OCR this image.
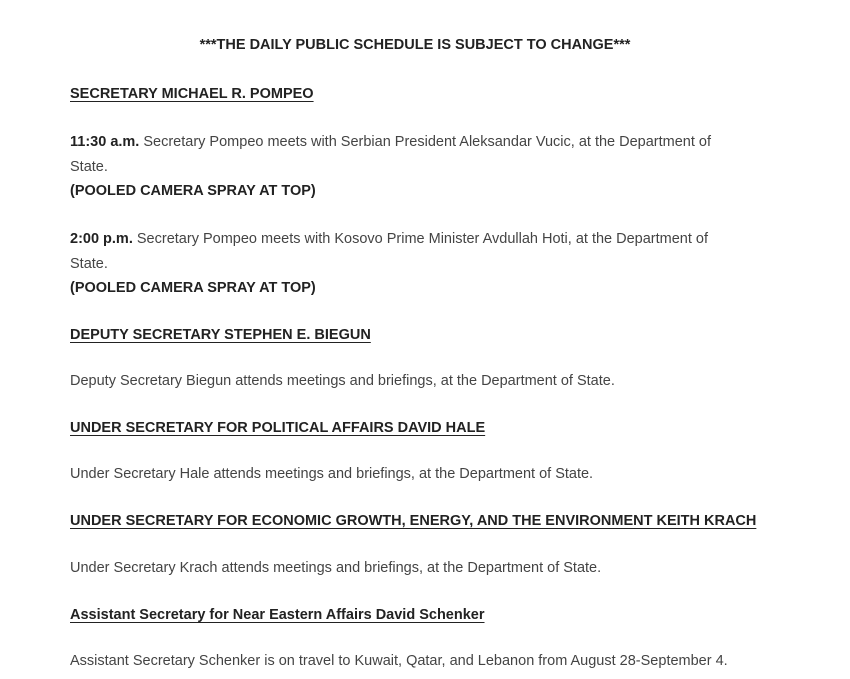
***THE DAILY PUBLIC SCHEDULE IS SUBJECT TO CHANGE***
SECRETARY MICHAEL R. POMPEO
11:30 a.m. Secretary Pompeo meets with Serbian President Aleksandar Vucic, at the Department of State.
(POOLED CAMERA SPRAY AT TOP)
2:00 p.m. Secretary Pompeo meets with Kosovo Prime Minister Avdullah Hoti, at the Department of State.
(POOLED CAMERA SPRAY AT TOP)
DEPUTY SECRETARY STEPHEN E. BIEGUN
Deputy Secretary Biegun attends meetings and briefings, at the Department of State.
UNDER SECRETARY FOR POLITICAL AFFAIRS DAVID HALE
Under Secretary Hale attends meetings and briefings, at the Department of State.
UNDER SECRETARY FOR ECONOMIC GROWTH, ENERGY, AND THE ENVIRONMENT KEITH KRACH
Under Secretary Krach attends meetings and briefings, at the Department of State.
Assistant Secretary for Near Eastern Affairs David Schenker
Assistant Secretary Schenker is on travel to Kuwait, Qatar, and Lebanon from August 28-September 4.
